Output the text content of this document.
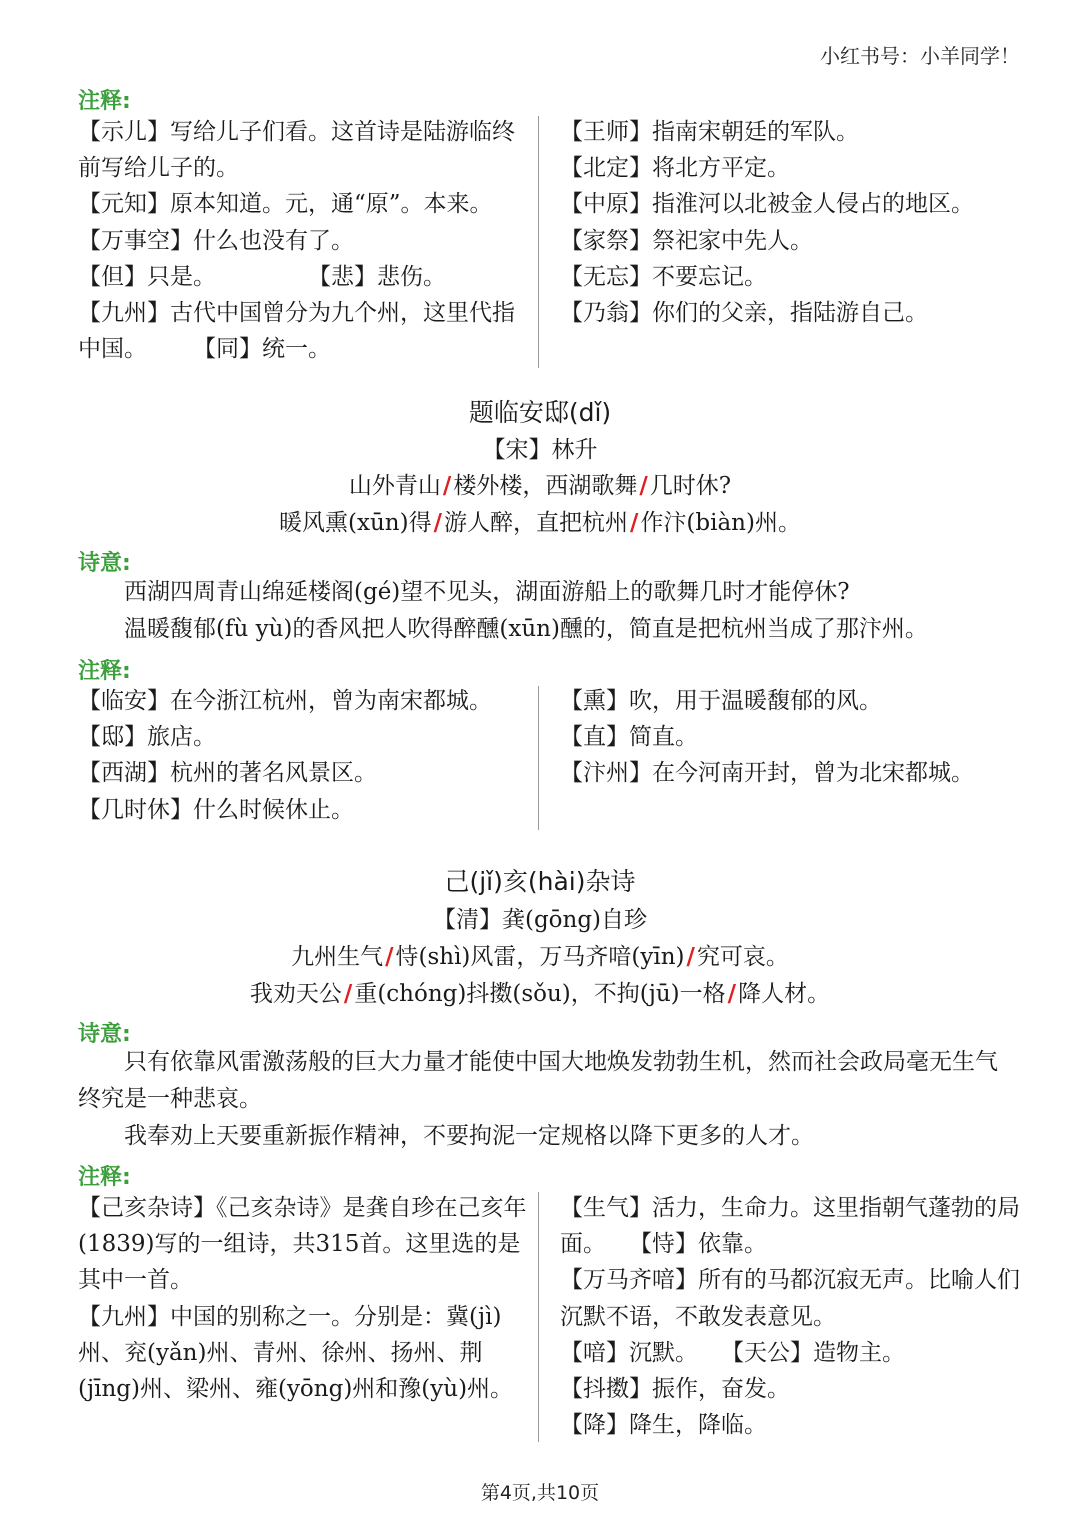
小红书号：小羊同学！
注释:

【示儿】写给儿子们看。这首诗是陆游临终前写给儿子的。

【元知】原本知道。元，通“原”。本来。　　【万事空】什么也没有了。

【但】只是。　　　　　【悲】悲伤。

【九州】古代中国曾分为九个州，这里代指中国。　　　【同】统一。

【王师】指南宋朝廷的军队。

【北定】将北方平定。

【中原】指淮河以北被金人侵占的地区。

【家祭】祭祀家中先人。

【无忘】不要忘记。

【乃翁】你们的父亲，指陆游自己。

题临安邸(dǐ)
【宋】林升
山外青山/楼外楼，西湖歌舞/几时休?
暖风熏(xūn)得/游人醉，直把杭州/作汴(biàn)州。
诗意:

西湖四周青山绵延楼阁(gé)望不见头，湖面游船上的歌舞几时才能停休?

温暖馥郁(fù yù)的香风把人吹得醉醺(xūn)醺的，简直是把杭州当成了那汴州。

注释:

【临安】在今浙江杭州，曾为南宋都城。

【邸】旅店。

【西湖】杭州的著名风景区。

【几时休】什么时候休止。

【熏】吹，用于温暖馥郁的风。

【直】简直。

【汴州】在今河南开封，曾为北宋都城。

己(jǐ)亥(hài)杂诗
【清】龚(gōng)自珍
九州生气/恃(shì)风雷，万马齐喑(yīn)/究可哀。
我劝天公/重(chóng)抖擞(sǒu)，不拘(jū)一格/降人材。
诗意:

只有依靠风雷激荡般的巨大力量才能使中国大地焕发勃勃生机，然而社会政局毫无生气终究是一种悲哀。

我奉劝上天要重新振作精神，不要拘泥一定规格以降下更多的人才。

注释:

【己亥杂诗】《己亥杂诗》是龚自珍在己亥年(1839)写的一组诗，共315首。这里选的是其中一首。

【九州】中国的别称之一。分别是：冀(jì)州、兖(yǎn)州、青州、徐州、扬州、荆(jīng)州、梁州、雍(yōng)州和豫(yù)州。

【生气】活力，生命力。这里指朝气蓬勃的局面。　　【恃】依靠。

【万马齐喑】所有的马都沉寂无声。比喻人们沉默不语，不敢发表意见。

【喑】沉默。　　【天公】造物主。

【抖擞】振作，奋发。

【降】降生，降临。

第4页,共10页
